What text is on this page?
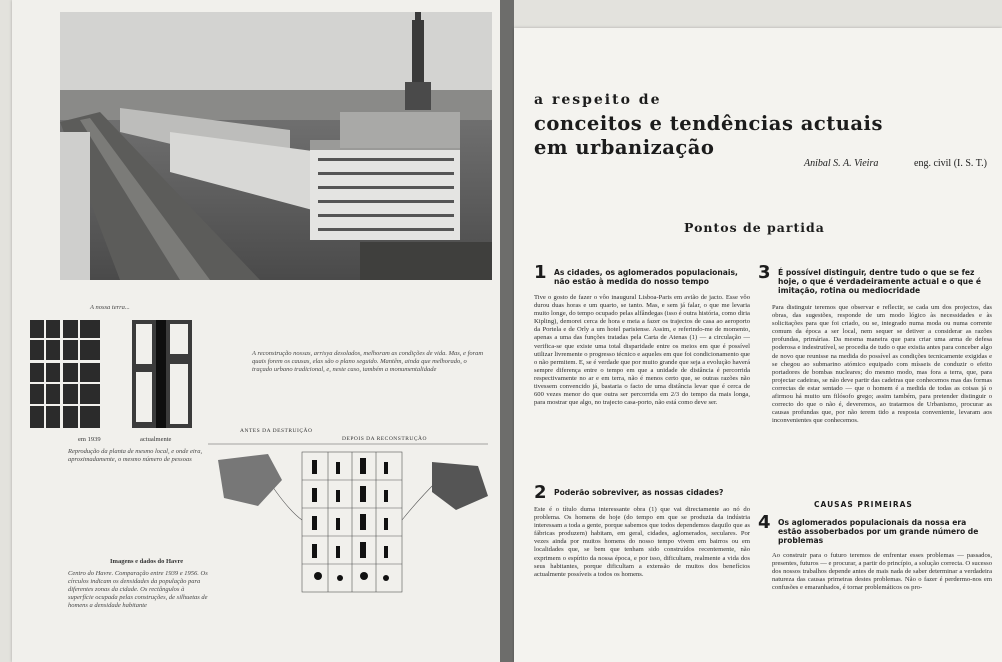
A nossa terra...
em 1939	actualmente
Reprodução da planta de mesmo local, e onde eira, aproximadamente, o mesmo número de pessoas
A reconstrução nossas, arrisya desolados, melhoram as condições de vida. Mas, e foram quais forem os causas, elas são o plano seguido. Mantêm, ainda que melhorado, o traçado urbano tradicional, e, neste caso, também a monumentalidade
ANTES DA DESTRUIÇÃO
DEPOIS DA RECONSTRUÇÃO
Imagens e dados do Havre
Centro do Havre. Comparação entre 1939 e 1956. Os círculos indicam os densidades da população para diferentes zonas da cidade. Os rectângulos à superfície ocupada pelas construções, de silhuetas de homens a densidade habitante
a respeito de
conceitos e tendências actuais
em urbanização
Anibal S. A. Vieira	eng. civil (I. S. T.)
Pontos de partida
1 As cidades, os aglomerados populacionais, não estão à medida do nosso tempo
Tive o gosto de fazer o vôo inaugural Lisboa-Paris em avião de jacto. Esse vôo durou duas horas e um quarto, se tanto. Mas, e sem já falar, o que me levaria muito longe, do tempo ocupado pelas alfândegas (isso é outra história, como diria Kipling), demorei cerca de hora e meia a fazer os trajectos de casa ao aeroporto da Portela e de Orly a um hotel parisiense. Assim, e referindo-me de momento, apenas a uma das funções tratadas pela Carta de Atenas (1) — a circulação — verifica-se que existe uma total disparidade entre os meios em que é possível utilizar livremente o progresso técnico e aqueles em que foi condicionamento que o não permitem. E, se é verdade que por muito grande que seja a evolução haverá sempre diferença entre o tempo em que a unidade de distância é percorrida respectivamente no ar e em terra, não é menos certo que, se outras razões não tivessem convencido já, bastaria o facto de uma distância levar que é cerca de 600 vezes menor do que outra ser percorrida em 2/3 do tempo da mais longa, para mostrar que algo, no trajecto casa-porto, não está como deve ser.
2 Poderão sobreviver, as nossas cidades?
Este é o título duma interessante obra (1) que vai directamente ao nó do problema. Os homens de hoje (do tempo em que se produzia da indústria interessam a toda a gente, porque sabemos que todos dependemos daquilo que as fábricas produzem) habitam, em geral, cidades, aglomerados, seculares. Por vezes ainda por muitos homens do nosso tempo vivem em bairros ou em localidades que, se bem que tenham sido construídos recentemente, não exprimem o espírito da nossa época, e por isso, dificultam, realmente a vida dos seus habitantes, porque dificultam a extensão de muitos dos benefícios actualmente possíveis a todos os homens.
3 É possível distinguir, dentre tudo o que se fez hoje, o que é verdadeiramente actual e o que é imitação, rotina ou mediocridade
Para distinguir teremos que observar e reflectir, se cada um dos projectos, das obras, das sugestões, responde de um modo lógico às necessidades e às solicitações para que foi criado, ou se, integrado numa moda ou numa corrente comum da época a ser local, nem sequer se detiver a considerar as razões profundas, primárias. Da mesma maneira que para criar uma arma de defesa poderosa e indestrutível, se procedia de tudo o que existia antes para conceber algo de novo que reunisse na medida do possível as condições tecnicamente exigidas e se chegou ao submarino atómico equipado com mísseis de conduzir o efeito portadores de bombas nucleares; do mesmo modo, mas fora a terra, que, para projectar cadeiras, se não deve partir das cadeiras que conhecemos mas das formas correctas de estar sentado — que o homem é a medida de todas as coisas já o afirmou há muito um filósofo grego; assim também, para pretender distinguir o correcto do que o não é, deveremos, ao tratarmos de Urbanismo, procurar as causas profundas que, por não terem tido a resposta conveniente, levaram aos inconvenientes que conhecemos.
CAUSAS PRIMEIRAS
4 Os aglomerados populacionais da nossa era estão assoberbados por um grande número de problemas
Ao construir para o futuro teremos de enfrentar esses problemas — passados, presentes, futuros — e procurar, a partir do princípio, a solução correcta. O sucesso dos nossos trabalhos depende antes de mais nada de saber determinar a verdadeira natureza das causas primeiras destes problemas. Não o fazer é perdermo-nos em confusões e emaranhados, é tornar problemáticos os pro-
